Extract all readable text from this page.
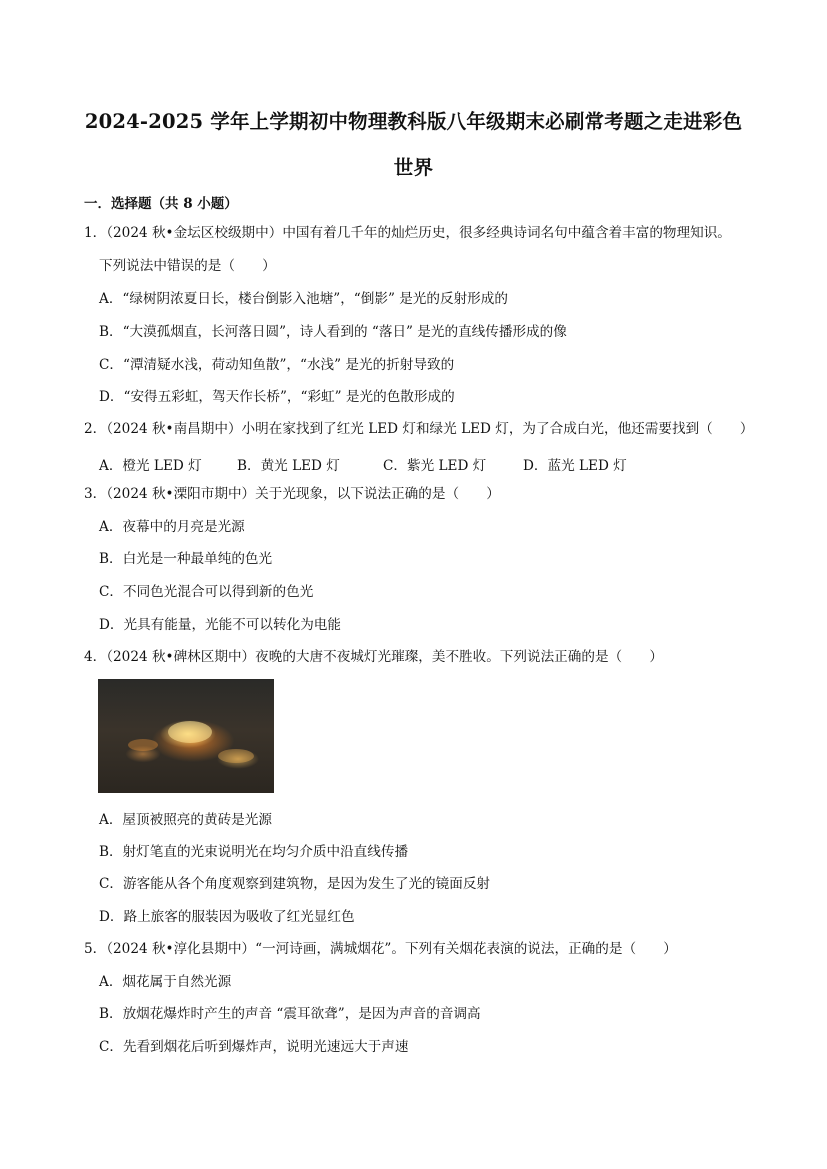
2024-2025 学年上学期初中物理教科版八年级期末必刷常考题之走进彩色
世界
一．选择题（共 8 小题）
1．（2024 秋•金坛区校级期中）中国有着几千年的灿烂历史，很多经典诗词名句中蕴含着丰富的物理知识。
下列说法中错误的是（　　）
A．“绿树阴浓夏日长，楼台倒影入池塘”，“倒影” 是光的反射形成的
B．“大漠孤烟直，长河落日圆”，诗人看到的 “落日” 是光的直线传播形成的像
C．“潭清疑水浅，荷动知鱼散”，“水浅” 是光的折射导致的
D．“安得五彩虹，驾天作长桥”，“彩虹” 是光的色散形成的
2．（2024 秋•南昌期中）小明在家找到了红光 LED 灯和绿光 LED 灯，为了合成白光，他还需要找到（　　）
A．橙光 LED 灯	B．黄光 LED 灯	C．紫光 LED 灯	D．蓝光 LED 灯
3．（2024 秋•溧阳市期中）关于光现象，以下说法正确的是（　　）
A．夜幕中的月亮是光源
B．白光是一种最单纯的色光
C．不同色光混合可以得到新的色光
D．光具有能量，光能不可以转化为电能
4．（2024 秋•碑林区期中）夜晚的大唐不夜城灯光璀璨，美不胜收。下列说法正确的是（　　）
A．屋顶被照亮的黄砖是光源
B．射灯笔直的光束说明光在均匀介质中沿直线传播
C．游客能从各个角度观察到建筑物，是因为发生了光的镜面反射
D．路上旅客的服装因为吸收了红光显红色
5．（2024 秋•淳化县期中）“一河诗画，满城烟花”。下列有关烟花表演的说法，正确的是（　　）
A．烟花属于自然光源
B．放烟花爆炸时产生的声音 “震耳欲聋”，是因为声音的音调高
C．先看到烟花后听到爆炸声，说明光速远大于声速
